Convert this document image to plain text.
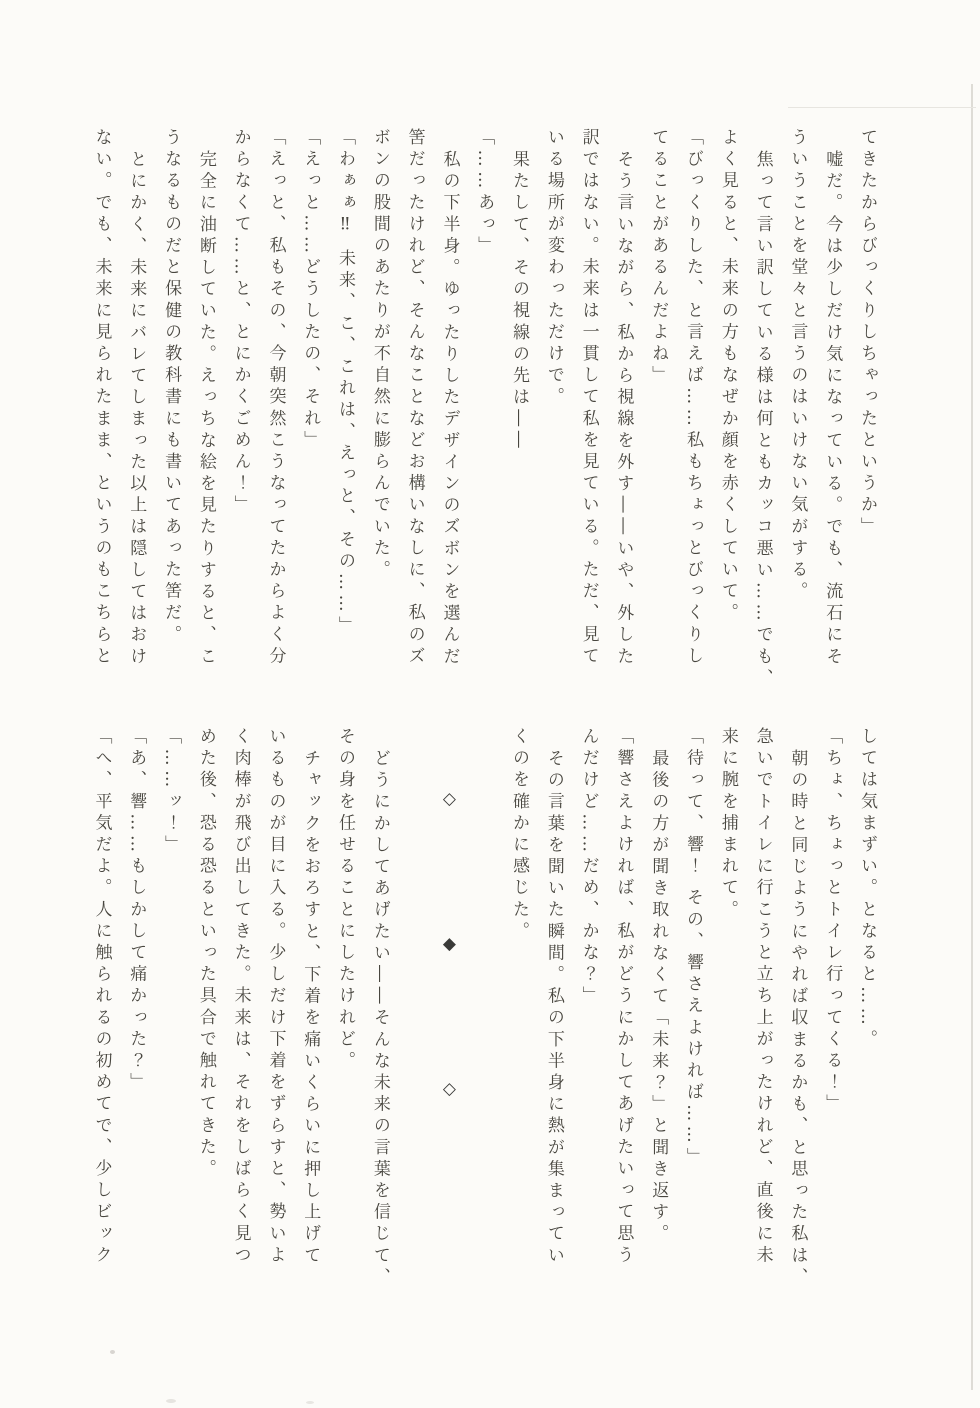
てきたからびっくりしちゃったというか」

嘘だ。今は少しだけ気になっている。でも、流石にそ

ういうことを堂々と言うのはいけない気がする。

焦って言い訳している様は何ともカッコ悪い……でも、

よく見ると、未来の方もなぜか顔を赤くしていて。

「びっくりした、と言えば……私もちょっとびっくりし

てることがあるんだよね」

そう言いながら、私から視線を外す――いや、外した

訳ではない。未来は一貫して私を見ている。ただ、見て

いる場所が変わっただけで。

果たして、その視線の先は――

「……あっ」

私の下半身。ゆったりしたデザインのズボンを選んだ

筈だったけれど、そんなことなどお構いなしに、私のズ

ボンの股間のあたりが不自然に膨らんでいた。

「わぁぁ‼ 未来、こ、これは、えっと、その……」

「えっと……どうしたの、それ」

「えっと、私もその、今朝突然こうなってたからよく分

からなくて……と、とにかくごめん！」

完全に油断していた。えっちな絵を見たりすると、こ

うなるものだと保健の教科書にも書いてあった筈だ。

とにかく、未来にバレてしまった以上は隠してはおけ

ない。でも、未来に見られたまま、というのもこちらと

しては気まずい。となると……。

「ちょ、ちょっとトイレ行ってくる！」

朝の時と同じようにやれば収まるかも、と思った私は、

急いでトイレに行こうと立ち上がったけれど、直後に未

来に腕を捕まれて。

「待って、響！ その、響さえよければ……」

最後の方が聞き取れなくて「未来？」と聞き返す。

「響さえよければ、私がどうにかしてあげたいって思う

んだけど……だめ、かな？」

その言葉を聞いた瞬間。私の下半身に熱が集まってい

くのを確かに感じた。

◇◆◇

どうにかしてあげたい――そんな未来の言葉を信じて、

その身を任せることにしたけれど。

チャックをおろすと、下着を痛いくらいに押し上げて

いるものが目に入る。少しだけ下着をずらすと、勢いよ

く肉棒が飛び出してきた。未来は、それをしばらく見つ

めた後、恐る恐るといった具合で触れてきた。

「……ッ！」

「あ、響……もしかして痛かった？」

「へ、平気だよ。人に触られるの初めてで、少しビック
